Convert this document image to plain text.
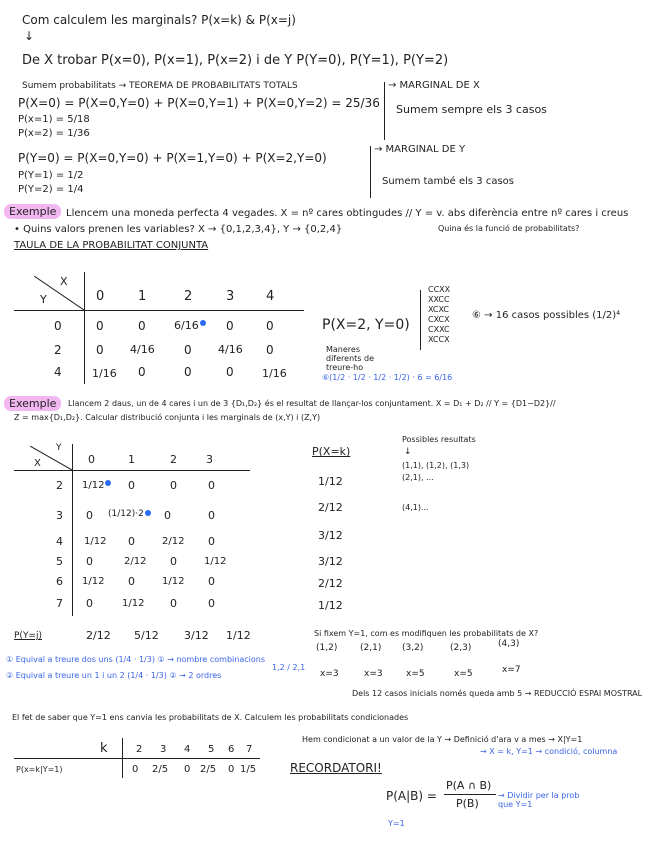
Com calculem les marginals? P(x=k) & P(x=j)
↓
De X trobar P(x=0), P(x=1), P(x=2) i de Y P(Y=0), P(Y=1), P(Y=2)
Sumem probabilitats → TEOREMA DE PROBABILITATS TOTALS
P(X=0) = P(X=0,Y=0) + P(X=0,Y=1) + P(X=0,Y=2) = 25/36
P(x=1) = 5/18
P(x=2) = 1/36
→ MARGINAL DE X
Sumem sempre els 3 casos
P(Y=0) = P(X=0,Y=0) + P(X=1,Y=0) + P(X=2,Y=0)
P(Y=1) = 1/2
P(Y=2) = 1/4
→ MARGINAL DE Y
Sumem també els 3 casos
Exemple Llencem una moneda perfecta 4 vegades. X = nº cares obtingudes // Y = v. abs diferència entre nº cares i creus
• Quins valors prenen les variables? X → {0,1,2,3,4}, Y → {0,2,4}	Quina és la funció de probabilitats?
TAULA DE LA PROBABILITAT CONJUNTA
X
Y	0	1	2	3 4
0	0	0	6/16	0	0
2	0 4/16 0 4/16 0
4	1/16 0	0	0	1/16
P(X=2, Y=0)
CCXX
XXCC
XCXC
CXCX
CXXC
XCCX
⑥ → 16 casos possibles (1/2)⁴
Maneres diferents de treure-ho
⑥(1/2 · 1/2 · 1/2 · 1/2) · 6 = 6/16
Exemple	Llancem 2 daus, un de 4 cares i un de 3 {D₁,D₂} és el resultat de llançar-los conjuntament. X = D₁ + D₂ // Y = {D1−D2}//
Z = max{D₁,D₂}. Calcular distribució conjunta i les marginals de (x,Y) i (Z,Y)
Y
X	0	1	2	3
2 1/12	0	0	0
3 0 (1/12)·2	0	0
4 1/12 0	2/12 0
5 0	2/12 0	1/12
6 1/12 0	1/12 0
7 0	1/12 0	0
P(Y=j)	2/12 5/12 3/12 1/12
P(X=k)
1/12
2/12
3/12
3/12
2/12
1/12
Possibles resultats
↓
(1,1), (1,2), (1,3)
(2,1), ...
(4,1)...
① Equival a treure dos uns (1/4 · 1/3) ① → nombre combinacions
② Equival a treure un 1 i un 2 (1/4 · 1/3) ② → 2 ordres
1,2 / 2,1
Si fixem Y=1, com es modifiquen les probabilitats de X?
(1,2)	(2,1) (3,2)	(2,3)	(4,3)
x=3	x=3	x=5	x=5	x=7
Dels 12 casos inicials només queda amb 5 → REDUCCIÓ ESPAI MOSTRAL
El fet de saber que Y=1 ens canvia les probabilitats de X. Calculem les probabilitats condicionades
k	2 3 4 5 6 7
P(x=k|Y=1)	0 2/5 0 2/5 0 1/5
Hem condicionat a un valor de la Y → Definició d'ara v a mes → X|Y=1
→ X = k, Y=1 → condició, columna
RECORDATORI!
P(A|B) =
P(A ∩ B)
P(B)
→ Dividir per la prob que Y=1
Y=1
